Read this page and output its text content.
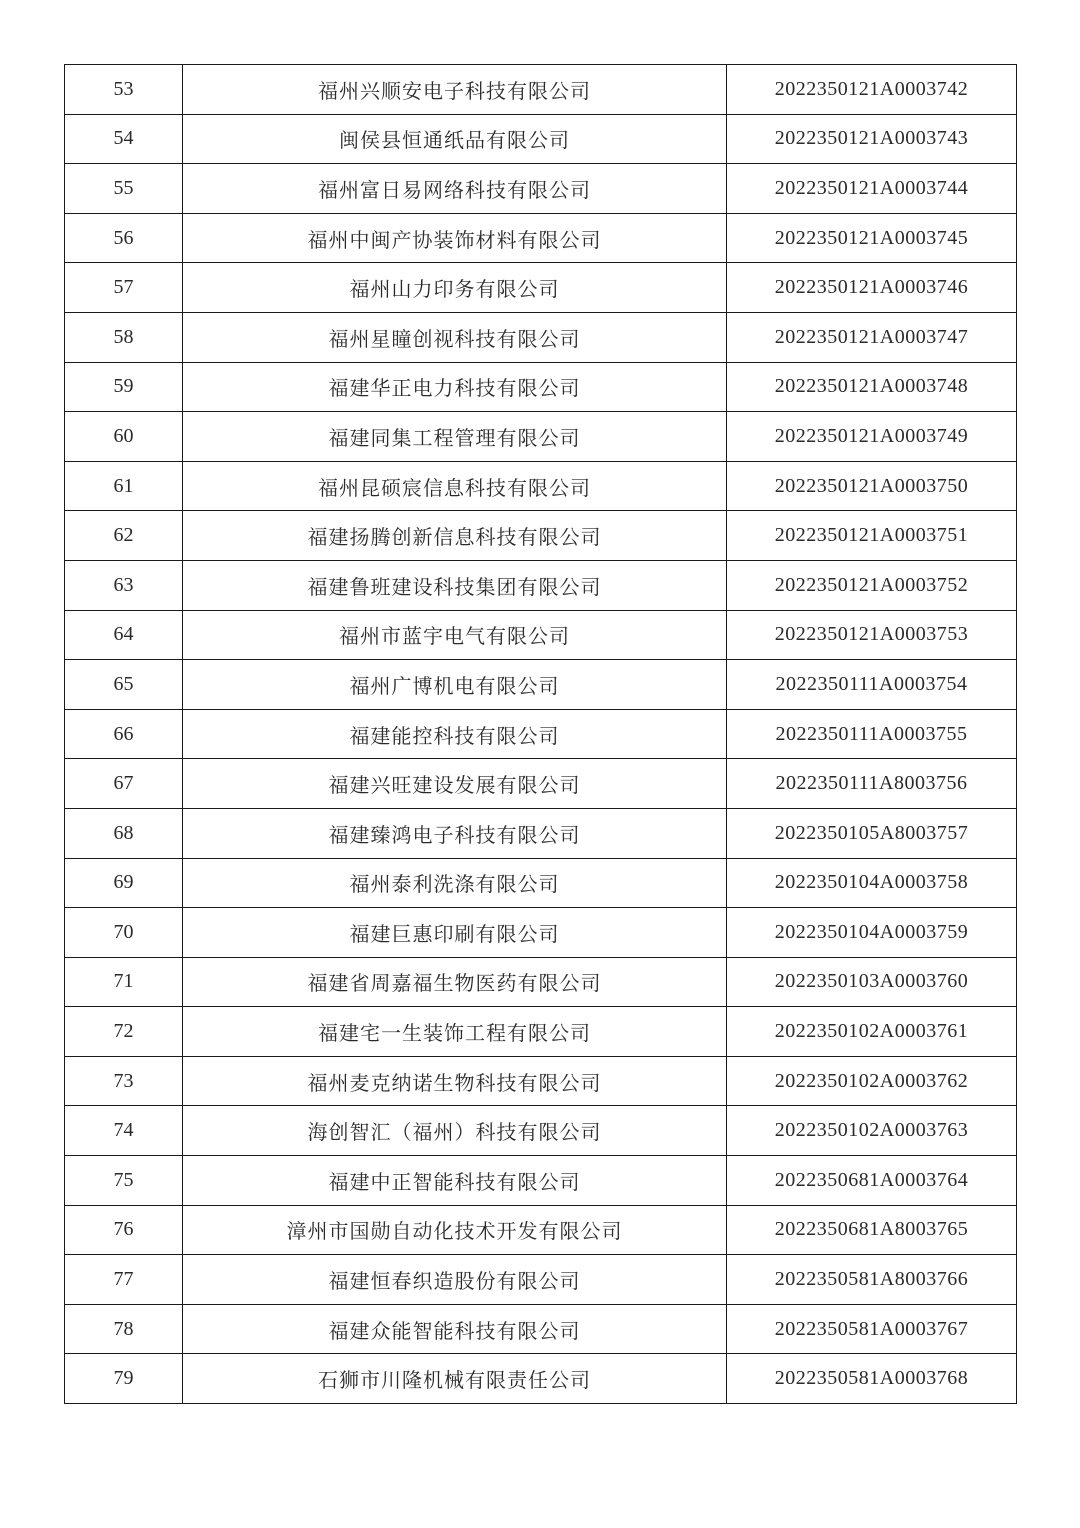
53	福州兴顺安电子科技有限公司	2022350121A0003742
54	闽侯县恒通纸品有限公司	2022350121A0003743
55	福州富日易网络科技有限公司	2022350121A0003744
56	福州中闽产协装饰材料有限公司	2022350121A0003745
57	福州山力印务有限公司	2022350121A0003746
58	福州星瞳创视科技有限公司	2022350121A0003747
59	福建华正电力科技有限公司	2022350121A0003748
60	福建同集工程管理有限公司	2022350121A0003749
61	福州昆硕宸信息科技有限公司	2022350121A0003750
62	福建扬腾创新信息科技有限公司	2022350121A0003751
63	福建鲁班建设科技集团有限公司	2022350121A0003752
64	福州市蓝宇电气有限公司	2022350121A0003753
65	福州广博机电有限公司	2022350111A0003754
66	福建能控科技有限公司	2022350111A0003755
67	福建兴旺建设发展有限公司	2022350111A8003756
68	福建臻鸿电子科技有限公司	2022350105A8003757
69	福州泰利洗涤有限公司	2022350104A0003758
70	福建巨惠印刷有限公司	2022350104A0003759
71	福建省周嘉福生物医药有限公司	2022350103A0003760
72	福建宅一生装饰工程有限公司	2022350102A0003761
73	福州麦克纳诺生物科技有限公司	2022350102A0003762
74	海创智汇（福州）科技有限公司	2022350102A0003763
75	福建中正智能科技有限公司	2022350681A0003764
76	漳州市国勋自动化技术开发有限公司	2022350681A8003765
77	福建恒春织造股份有限公司	2022350581A8003766
78	福建众能智能科技有限公司	2022350581A0003767
79	石狮市川隆机械有限责任公司	2022350581A0003768
